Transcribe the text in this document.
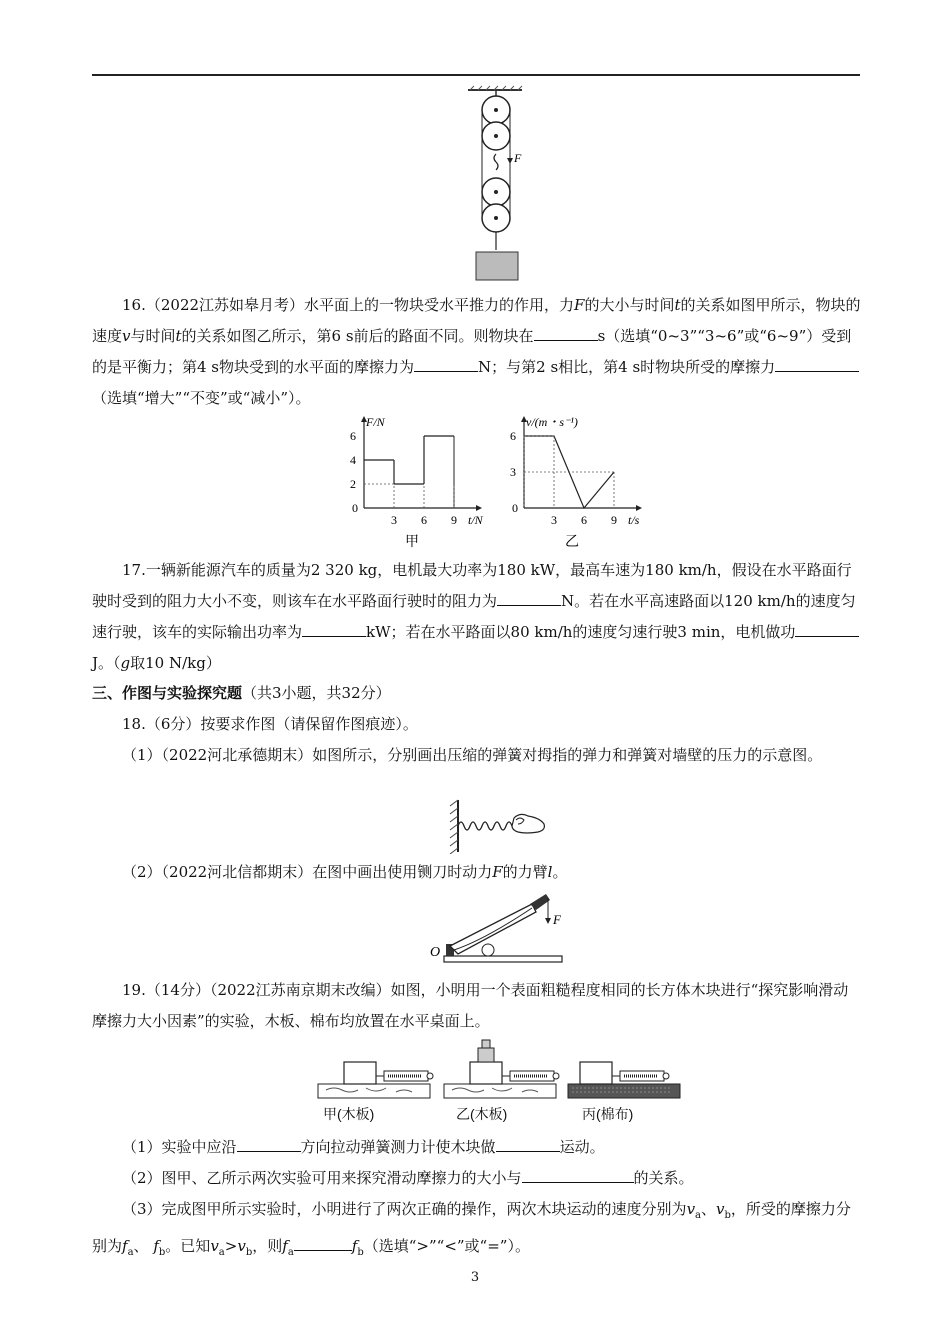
F

16.（2022江苏如皋月考）水平面上的一物块受水平推力的作用，力F的大小与时间t的关系如图甲所示，物块的速度v与时间t的关系如图乙所示，第6 s前后的路面不同。则物块在	s（选填“0~3”“3~6”或“6~9”）受到的是平衡力；第4 s物块受到的水平面的摩擦力为	N；与第2 s相比，第4 s时物块所受的摩擦力（选填“增大”“不变”或“减小”）。

F/N
t/N
0
3 6 9
2
4
6
甲
v/(m・s⁻¹)
t/s
0
3 6 9
3
6
乙

17.一辆新能源汽车的质量为2 320 kg，电机最大功率为180 kW，最高车速为180 km/h，假设在水平路面行驶时受到的阻力大小不变，则该车在水平路面行驶时的阻力为	N。若在水平高速路面以120 km/h的速度匀速行驶，该车的实际输出功率为	kW；若在水平路面以80 km/h的速度匀速行驶3 min，电机做功J。（g取10 N/kg）

三、作图与实验探究题（共3小题，共32分）

18.（6分）按要求作图（请保留作图痕迹）。

（1）（2022河北承德期末）如图所示，分别画出压缩的弹簧对拇指的弹力和弹簧对墙壁的压力的示意图。

（2）（2022河北信都期末）在图中画出使用铡刀时动力F的力臂l。

F
O

19.（14分）（2022江苏南京期末改编）如图，小明用一个表面粗糙程度相同的长方体木块进行“探究影响滑动摩擦力大小因素”的实验，木板、棉布均放置在水平桌面上。

甲(木板)	乙(木板)	丙(棉布)

（1）实验中应沿	方向拉动弹簧测力计使木块做	运动。

（2）图甲、乙所示两次实验可用来探究滑动摩擦力的大小与	的关系。

（3）完成图甲所示实验时，小明进行了两次正确的操作，两次木块运动的速度分别为$v_a$、$v_b$，所受的摩擦力分别为$f_a$、 $f_b$。已知$v_a>v_b$，则$f_a$	$f_b$（选填“>”“<”或“=”）。

3
